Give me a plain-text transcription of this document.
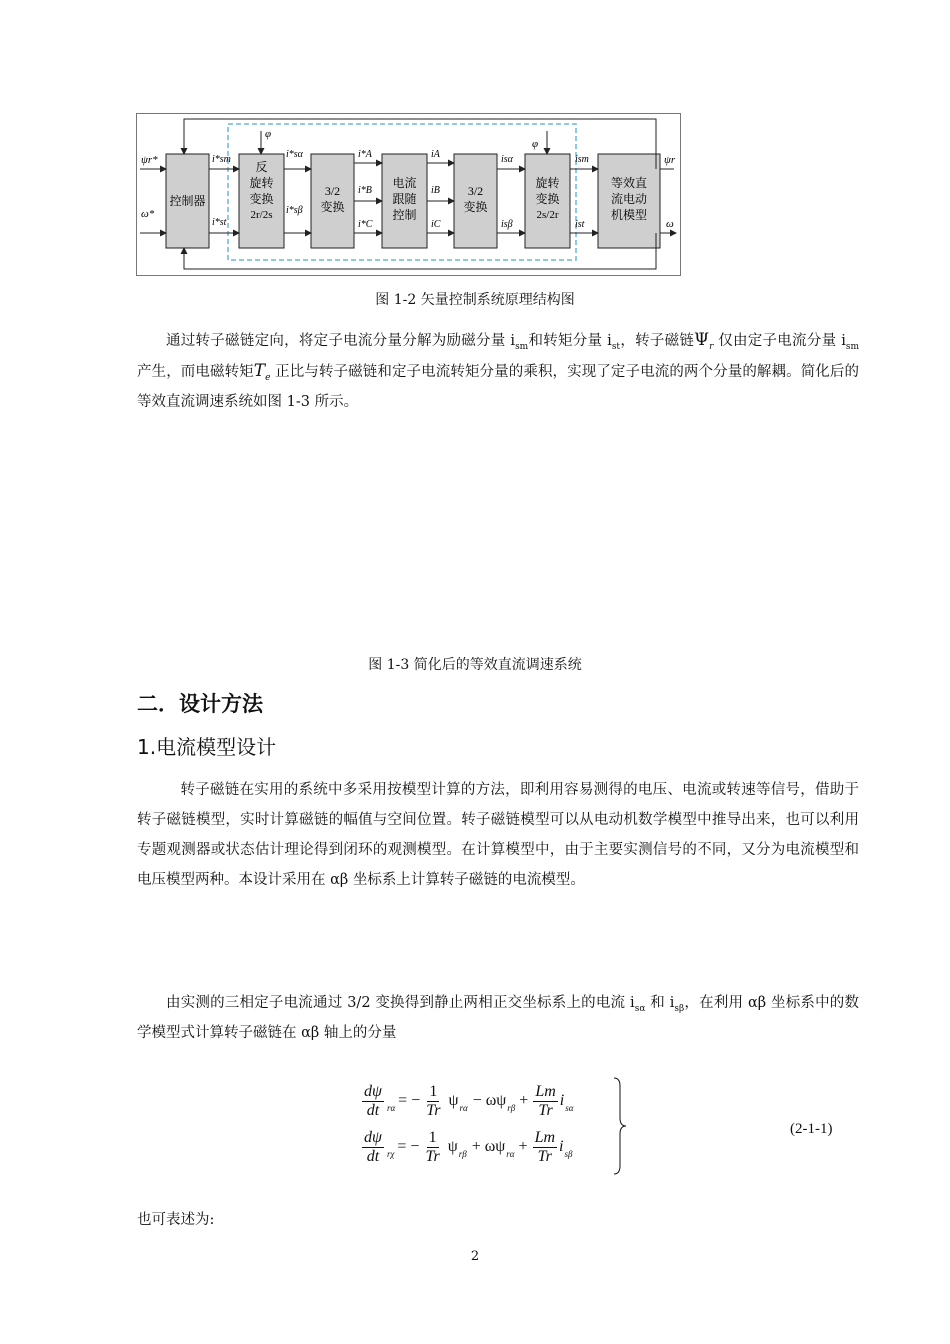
控制器
反
旋转
变换
2r/2s
3/2
变换
电流
跟随
控制
3/2
变换
旋转
变换
2s/2r
等效直
流电动
机模型
ψr*
ω*
ψr
ω
φ
φ
i*sm
i*st
i*sα
i*sβ
i*A
i*B
i*C
iA
iB
iC
isα
isβ
ism
ist
图 1-2 矢量控制系统原理结构图

通过转子磁链定向，将定子电流分量分解为励磁分量 $i_{sm}$和转矩分量 $i_{st}$，转子磁链$\Psi_r$ 仅由定子电流分量 $i_{sm}$产生，而电磁转矩$T_e$ 正比与转子磁链和定子电流转矩分量的乘积，实现了定子电流的两个分量的解耦。简化后的等效直流调速系统如图 1-3 所示。

图 1-3 简化后的等效直流调速系统
二．设计方法
1.电流模型设计

转子磁链在实用的系统中多采用按模型计算的方法，即利用容易测得的电压、电流或转速等信号，借助于转子磁链模型，实时计算磁链的幅值与空间位置。转子磁链模型可以从电动机数学模型中推导出来，也可以利用专题观测器或状态估计理论得到闭环的观测模型。在计算模型中，由于主要实测信号的不同，又分为电流模型和电压模型两种。本设计采用在 αβ 坐标系上计算转子磁链的电流模型。

由实测的三相定子电流通过 3/2 变换得到静止两相正交坐标系上的电流 $i_{s\alpha}$ 和 $i_{s\beta}$，在利用 αβ 坐标系中的数学模型式计算转子磁链在 αβ 轴上的分量

$\frac{d\psi}{dt}$ rα = − $\frac{1}{Tr}$ ψ rα − ωψ $r\beta + \frac{Lm}{Tr}$ i sα
$\frac{d\psi}{dt}$ rχ = − $\frac{1}{Tr}$ ψ rβ + ωψ $r\alpha + \frac{Lm}{Tr}$ i sβ
(2-1-1)
也可表述为:
2
